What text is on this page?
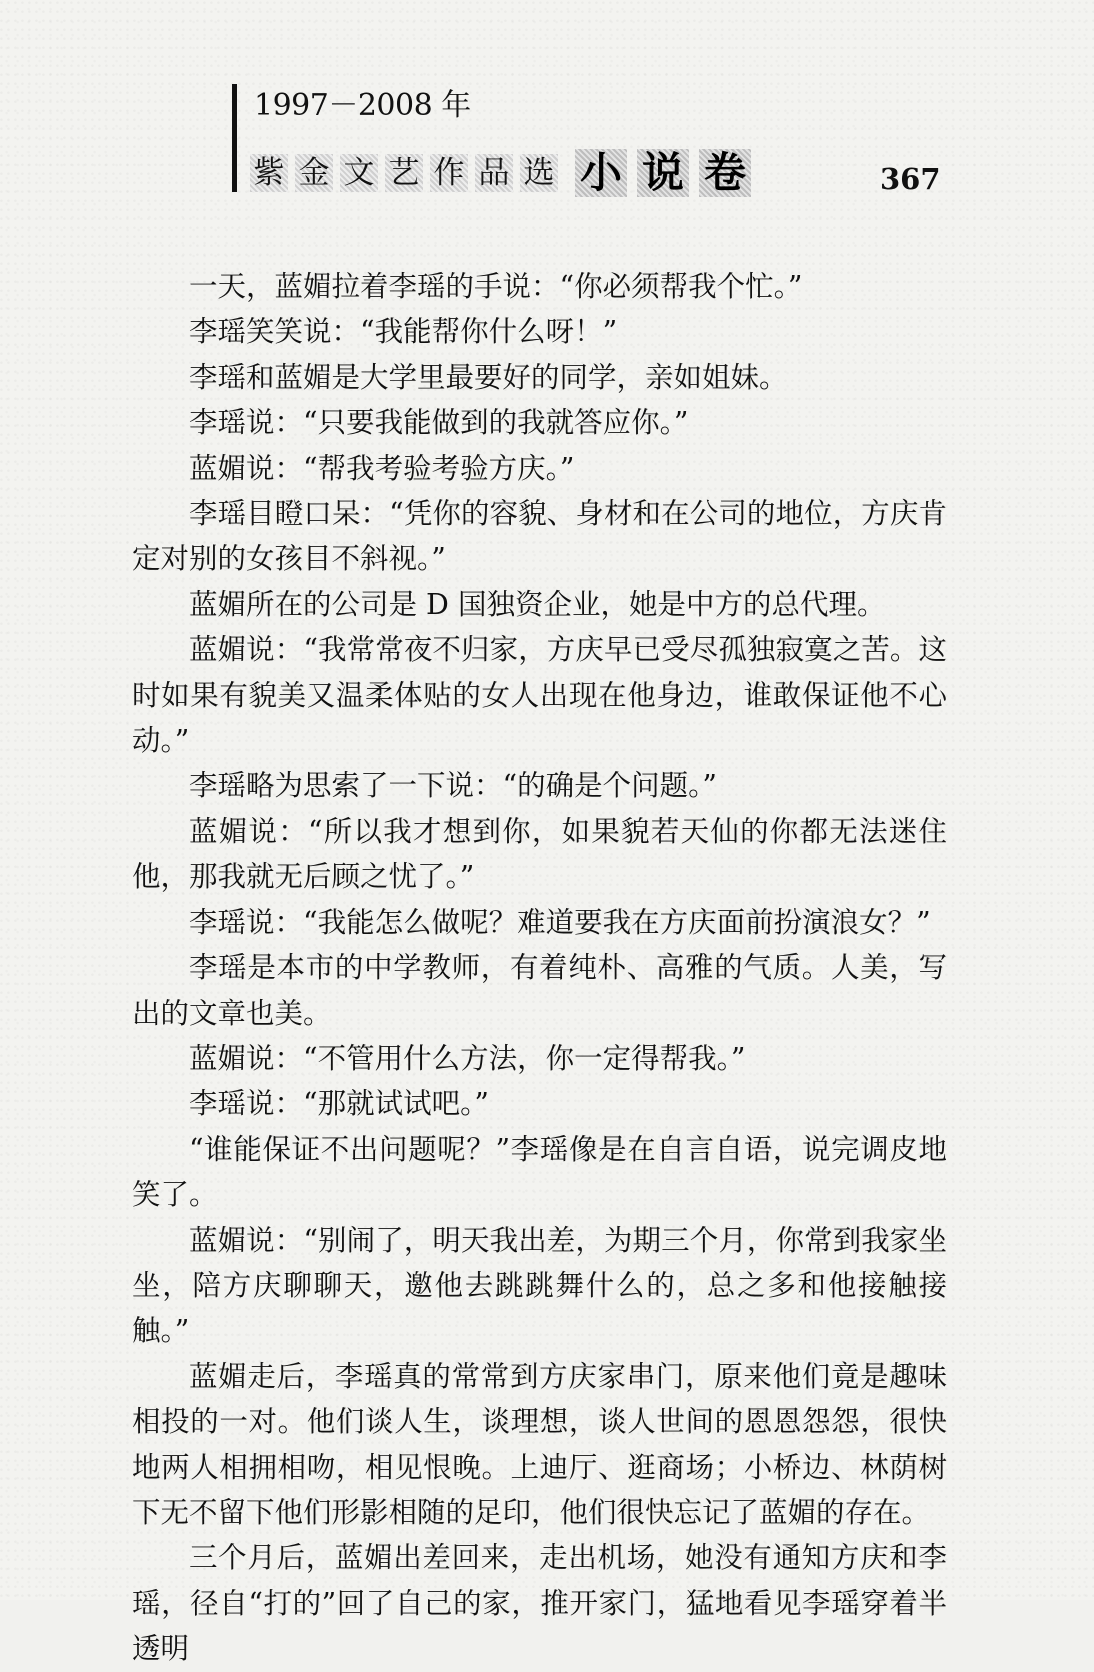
1997－2008 年
紫 金 文 艺 作 品 选 小 说 卷	367

一天，蓝媚拉着李瑶的手说：“你必须帮我个忙。”

李瑶笑笑说：“我能帮你什么呀！”

李瑶和蓝媚是大学里最要好的同学，亲如姐妹。

李瑶说：“只要我能做到的我就答应你。”

蓝媚说：“帮我考验考验方庆。”

李瑶目瞪口呆：“凭你的容貌、身材和在公司的地位，方庆肯定对别的女孩目不斜视。”

蓝媚所在的公司是 D 国独资企业，她是中方的总代理。

蓝媚说：“我常常夜不归家，方庆早已受尽孤独寂寞之苦。这时如果有貌美又温柔体贴的女人出现在他身边，谁敢保证他不心动。”

李瑶略为思索了一下说：“的确是个问题。”

蓝媚说：“所以我才想到你，如果貌若天仙的你都无法迷住他，那我就无后顾之忧了。”

李瑶说：“我能怎么做呢？难道要我在方庆面前扮演浪女？”

李瑶是本市的中学教师，有着纯朴、高雅的气质。人美，写出的文章也美。

蓝媚说：“不管用什么方法，你一定得帮我。”

李瑶说：“那就试试吧。”

“谁能保证不出问题呢？”李瑶像是在自言自语，说完调皮地笑了。

蓝媚说：“别闹了，明天我出差，为期三个月，你常到我家坐坐，陪方庆聊聊天，邀他去跳跳舞什么的，总之多和他接触接触。”

蓝媚走后，李瑶真的常常到方庆家串门，原来他们竟是趣味相投的一对。他们谈人生，谈理想，谈人世间的恩恩怨怨，很快地两人相拥相吻，相见恨晚。上迪厅、逛商场；小桥边、林荫树下无不留下他们形影相随的足印，他们很快忘记了蓝媚的存在。

三个月后，蓝媚出差回来，走出机场，她没有通知方庆和李瑶，径自“打的”回了自己的家，推开家门，猛地看见李瑶穿着半透明
